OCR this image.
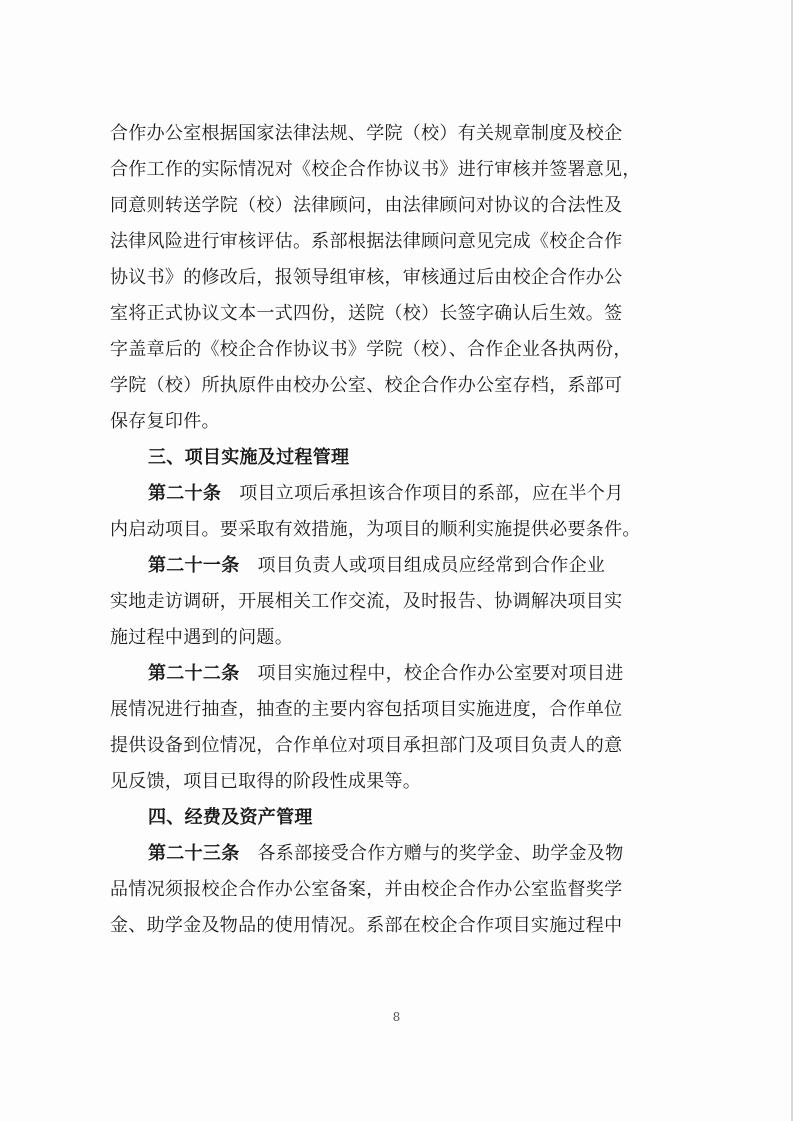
合作办公室根据国家法律法规、学院（校）有关规章制度及校企
合作工作的实际情况对《校企合作协议书》进行审核并签署意见，
同意则转送学院（校）法律顾问，由法律顾问对协议的合法性及
法律风险进行审核评估。系部根据法律顾问意见完成《校企合作
协议书》的修改后，报领导组审核，审核通过后由校企合作办公
室将正式协议文本一式四份，送院（校）长签字确认后生效。签
字盖章后的《校企合作协议书》学院（校）、合作企业各执两份，
学院（校）所执原件由校办公室、校企合作办公室存档，系部可
保存复印件。
三、项目实施及过程管理
第二十条 项目立项后承担该合作项目的系部，应在半个月
内启动项目。要采取有效措施，为项目的顺利实施提供必要条件。
第二十一条 项目负责人或项目组成员应经常到合作企业
实地走访调研，开展相关工作交流，及时报告、协调解决项目实
施过程中遇到的问题。
第二十二条 项目实施过程中，校企合作办公室要对项目进
展情况进行抽查，抽查的主要内容包括项目实施进度，合作单位
提供设备到位情况，合作单位对项目承担部门及项目负责人的意
见反馈，项目已取得的阶段性成果等。
四、经费及资产管理
第二十三条 各系部接受合作方赠与的奖学金、助学金及物
品情况须报校企合作办公室备案，并由校企合作办公室监督奖学
金、助学金及物品的使用情况。系部在校企合作项目实施过程中
8
